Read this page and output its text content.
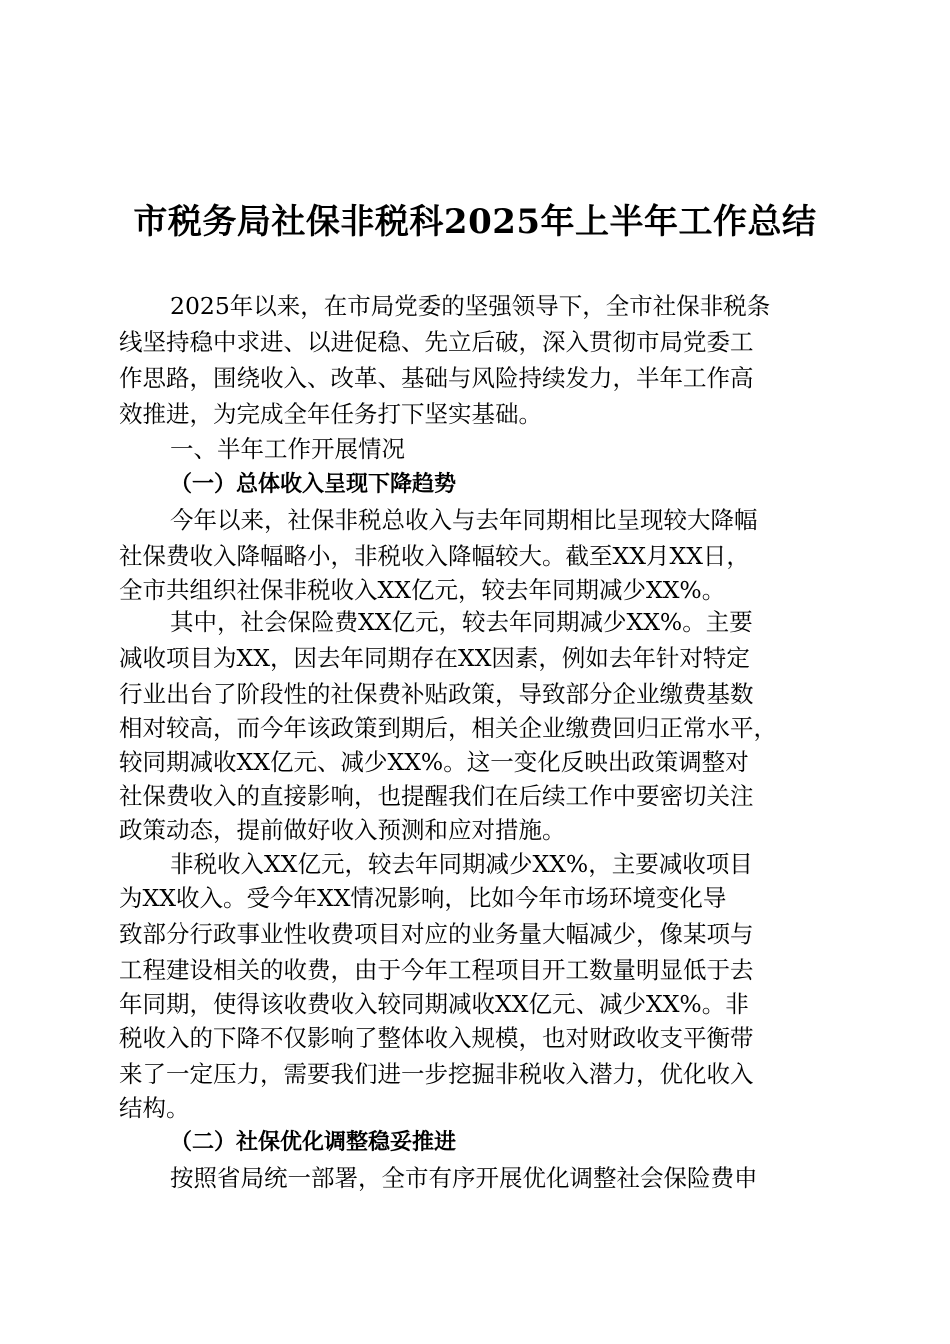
市税务局社保非税科2025年上半年工作总结
2025年以来，在市局党委的坚强领导下，全市社保非税条
线坚持稳中求进、以进促稳、先立后破，深入贯彻市局党委工
作思路，围绕收入、改革、基础与风险持续发力，半年工作高
效推进，为完成全年任务打下坚实基础。
一、半年工作开展情况
（一）总体收入呈现下降趋势
今年以来，社保非税总收入与去年同期相比呈现较大降幅
社保费收入降幅略小，非税收入降幅较大。截至XX月XX日，
全市共组织社保非税收入XX亿元，较去年同期减少XX%。
其中，社会保险费XX亿元，较去年同期减少XX%。主要
减收项目为XX，因去年同期存在XX因素，例如去年针对特定
行业出台了阶段性的社保费补贴政策，导致部分企业缴费基数
相对较高，而今年该政策到期后，相关企业缴费回归正常水平，
较同期减收XX亿元、减少XX%。这一变化反映出政策调整对
社保费收入的直接影响，也提醒我们在后续工作中要密切关注
政策动态，提前做好收入预测和应对措施。
非税收入XX亿元，较去年同期减少XX%，主要减收项目
为XX收入。受今年XX情况影响，比如今年市场环境变化导
致部分行政事业性收费项目对应的业务量大幅减少，像某项与
工程建设相关的收费，由于今年工程项目开工数量明显低于去
年同期，使得该收费收入较同期减收XX亿元、减少XX%。非
税收入的下降不仅影响了整体收入规模，也对财政收支平衡带
来了一定压力，需要我们进一步挖掘非税收入潜力，优化收入
结构。
（二）社保优化调整稳妥推进
按照省局统一部署，全市有序开展优化调整社会保险费申
